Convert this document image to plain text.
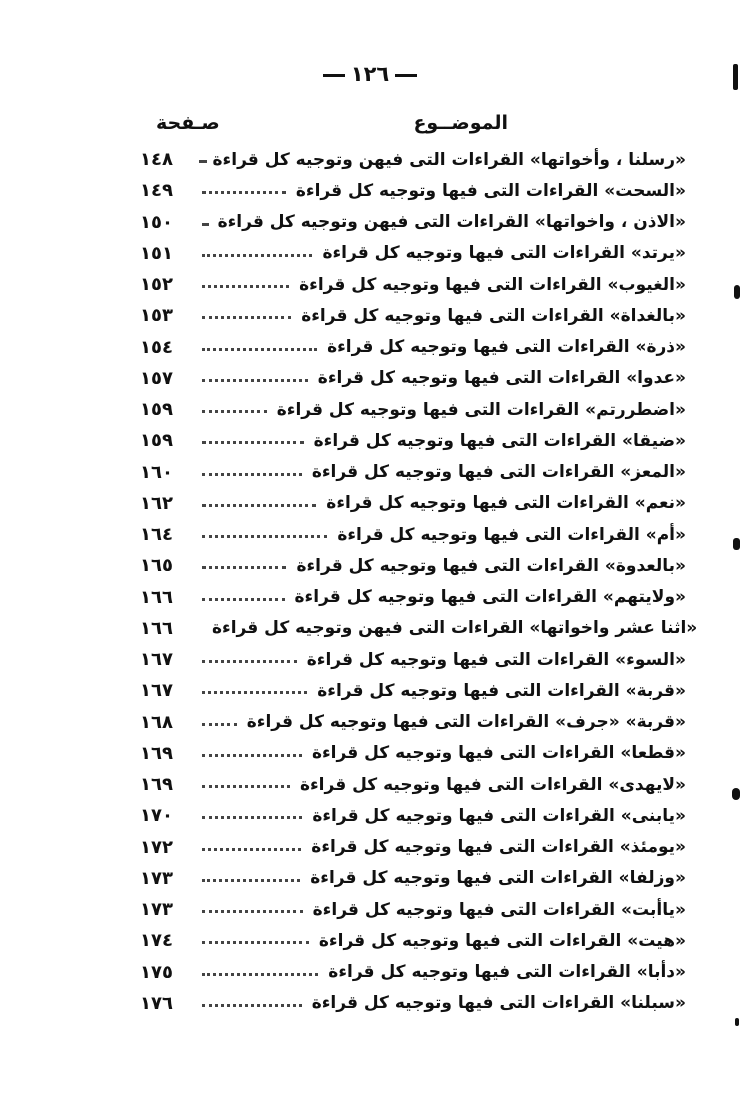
١٢٦
الموضــوع
صـفحة
١٤٨	«رسلنا ، وأخواتها» القراءات التى فيهن وتوجيه كل قراءة
١٤٩	«السحت» القراءات التى فيها وتوجيه كل قراءة
١٥٠	«الاذن ، واخواتها» القراءات التى فيهن وتوجيه كل قراءة
١٥١	«يرتد» القراءات التى فيها وتوجيه كل قراءة
١٥٢	«الغيوب» القراءات التى فيها وتوجيه كل قراءة
١٥٣	«بالغداة» القراءات التى فيها وتوجيه كل قراءة
١٥٤	«ذرة» القراءات التى فيها وتوجيه كل قراءة
١٥٧	«عدوا» القراءات التى فيها وتوجيه كل قراءة
١٥٩	«اضطررتم» القراءات التى فيها وتوجيه كل قراءة
١٥٩	«ضيقا» القراءات التى فيها وتوجيه كل قراءة
١٦٠	«المعز» القراءات التى فيها وتوجيه كل قراءة
١٦٢	«نعم» القراءات التى فيها وتوجيه كل قراءة
١٦٤	«أم» القراءات التى فيها وتوجيه كل قراءة
١٦٥	«بالعدوة» القراءات التى فيها وتوجيه كل قراءة
١٦٦	«ولايتهم» القراءات التى فيها وتوجيه كل قراءة
١٦٦	«اثنا عشر واخواتها» القراءات التى فيهن وتوجيه كل قراءة
١٦٧	«السوء» القراءات التى فيها وتوجيه كل قراءة
١٦٧	«قربة» القراءات التى فيها وتوجيه كل قراءة
١٦٨	«قربة» «جرف» القراءات التى فيها وتوجيه كل قراءة
١٦٩	«قطعا» القراءات التى فيها وتوجيه كل قراءة
١٦٩	«لايهدى» القراءات التى فيها وتوجيه كل قراءة
١٧٠	«يابنى» القراءات التى فيها وتوجيه كل قراءة
١٧٢	«يومئذ» القراءات التى فيها وتوجيه كل قراءة
١٧٣	«وزلفا» القراءات التى فيها وتوجيه كل قراءة
١٧٣	«ياأبت» القراءات التى فيها وتوجيه كل قراءة
١٧٤	«هيت» القراءات التى فيها وتوجيه كل قراءة
١٧٥	«دأبا» القراءات التى فيها وتوجيه كل قراءة
١٧٦	«سبلنا» القراءات التى فيها وتوجيه كل قراءة
